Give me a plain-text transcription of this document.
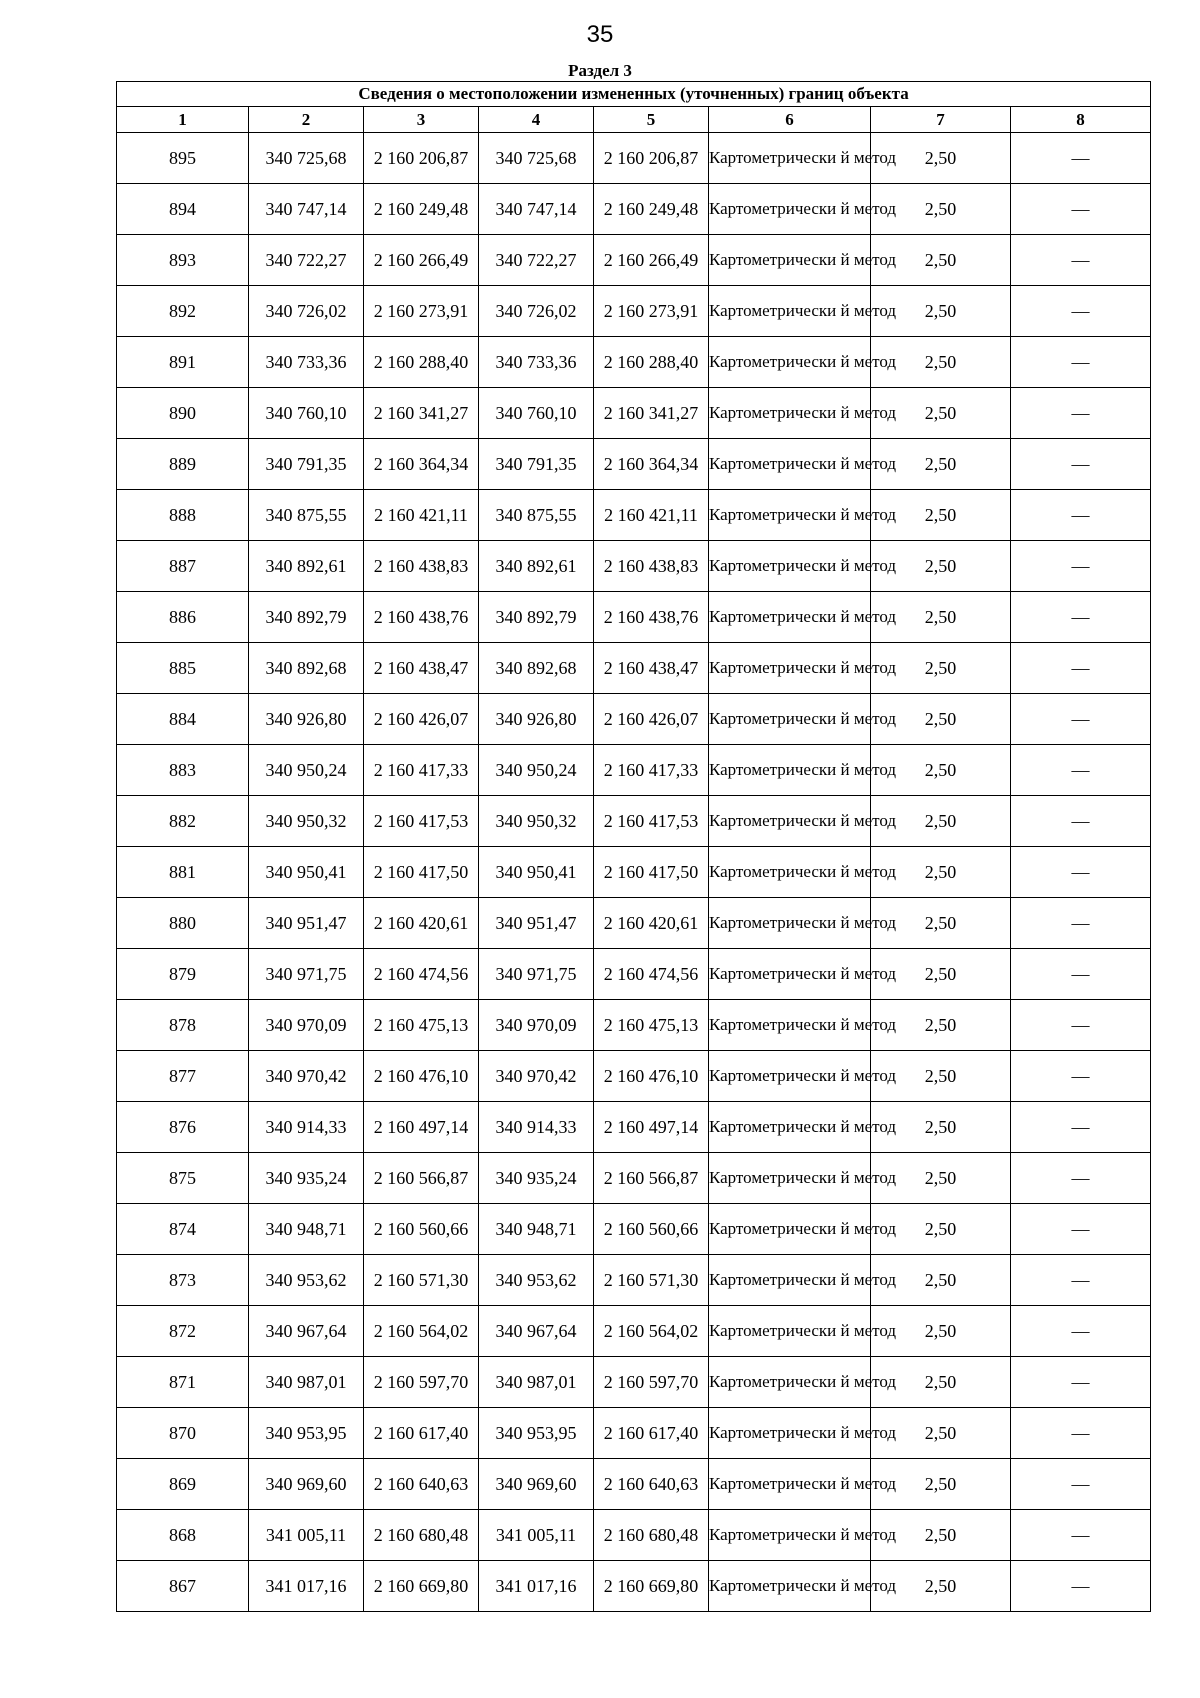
35
Раздел 3
Сведения о местоположении измененных (уточненных) границ объекта							
1	2	3	4	5	6	7	8
895	340 725,68	2 160 206,87	340 725,68	2 160 206,87	Картометрически й метод	2,50	—
894	340 747,14	2 160 249,48	340 747,14	2 160 249,48	Картометрически й метод	2,50	—
893	340 722,27	2 160 266,49	340 722,27	2 160 266,49	Картометрически й метод	2,50	—
892	340 726,02	2 160 273,91	340 726,02	2 160 273,91	Картометрически й метод	2,50	—
891	340 733,36	2 160 288,40	340 733,36	2 160 288,40	Картометрически й метод	2,50	—
890	340 760,10	2 160 341,27	340 760,10	2 160 341,27	Картометрически й метод	2,50	—
889	340 791,35	2 160 364,34	340 791,35	2 160 364,34	Картометрически й метод	2,50	—
888	340 875,55	2 160 421,11	340 875,55	2 160 421,11	Картометрически й метод	2,50	—
887	340 892,61	2 160 438,83	340 892,61	2 160 438,83	Картометрически й метод	2,50	—
886	340 892,79	2 160 438,76	340 892,79	2 160 438,76	Картометрически й метод	2,50	—
885	340 892,68	2 160 438,47	340 892,68	2 160 438,47	Картометрически й метод	2,50	—
884	340 926,80	2 160 426,07	340 926,80	2 160 426,07	Картометрически й метод	2,50	—
883	340 950,24	2 160 417,33	340 950,24	2 160 417,33	Картометрически й метод	2,50	—
882	340 950,32	2 160 417,53	340 950,32	2 160 417,53	Картометрически й метод	2,50	—
881	340 950,41	2 160 417,50	340 950,41	2 160 417,50	Картометрически й метод	2,50	—
880	340 951,47	2 160 420,61	340 951,47	2 160 420,61	Картометрически й метод	2,50	—
879	340 971,75	2 160 474,56	340 971,75	2 160 474,56	Картометрически й метод	2,50	—
878	340 970,09	2 160 475,13	340 970,09	2 160 475,13	Картометрически й метод	2,50	—
877	340 970,42	2 160 476,10	340 970,42	2 160 476,10	Картометрически й метод	2,50	—
876	340 914,33	2 160 497,14	340 914,33	2 160 497,14	Картометрически й метод	2,50	—
875	340 935,24	2 160 566,87	340 935,24	2 160 566,87	Картометрически й метод	2,50	—
874	340 948,71	2 160 560,66	340 948,71	2 160 560,66	Картометрически й метод	2,50	—
873	340 953,62	2 160 571,30	340 953,62	2 160 571,30	Картометрически й метод	2,50	—
872	340 967,64	2 160 564,02	340 967,64	2 160 564,02	Картометрически й метод	2,50	—
871	340 987,01	2 160 597,70	340 987,01	2 160 597,70	Картометрически й метод	2,50	—
870	340 953,95	2 160 617,40	340 953,95	2 160 617,40	Картометрически й метод	2,50	—
869	340 969,60	2 160 640,63	340 969,60	2 160 640,63	Картометрически й метод	2,50	—
868	341 005,11	2 160 680,48	341 005,11	2 160 680,48	Картометрически й метод	2,50	—
867	341 017,16	2 160 669,80	341 017,16	2 160 669,80	Картометрически й метод	2,50	—
